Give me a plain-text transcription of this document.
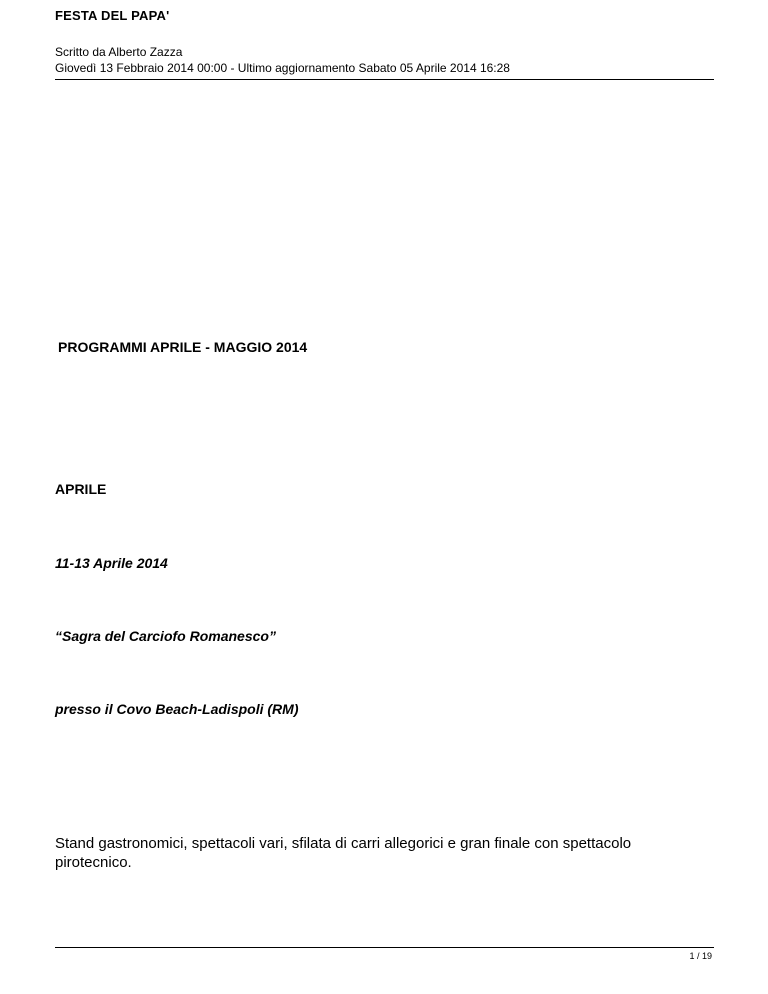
FESTA DEL PAPA'
Scritto da Alberto Zazza
Giovedì 13 Febbraio 2014 00:00 - Ultimo aggiornamento Sabato 05 Aprile 2014 16:28
PROGRAMMI APRILE - MAGGIO 2014
APRILE
11-13 Aprile 2014
“Sagra del Carciofo Romanesco”
presso il Covo Beach-Ladispoli (RM)
Stand gastronomici, spettacoli vari, sfilata di carri allegorici e gran finale con spettacolo pirotecnico.
1 / 19
